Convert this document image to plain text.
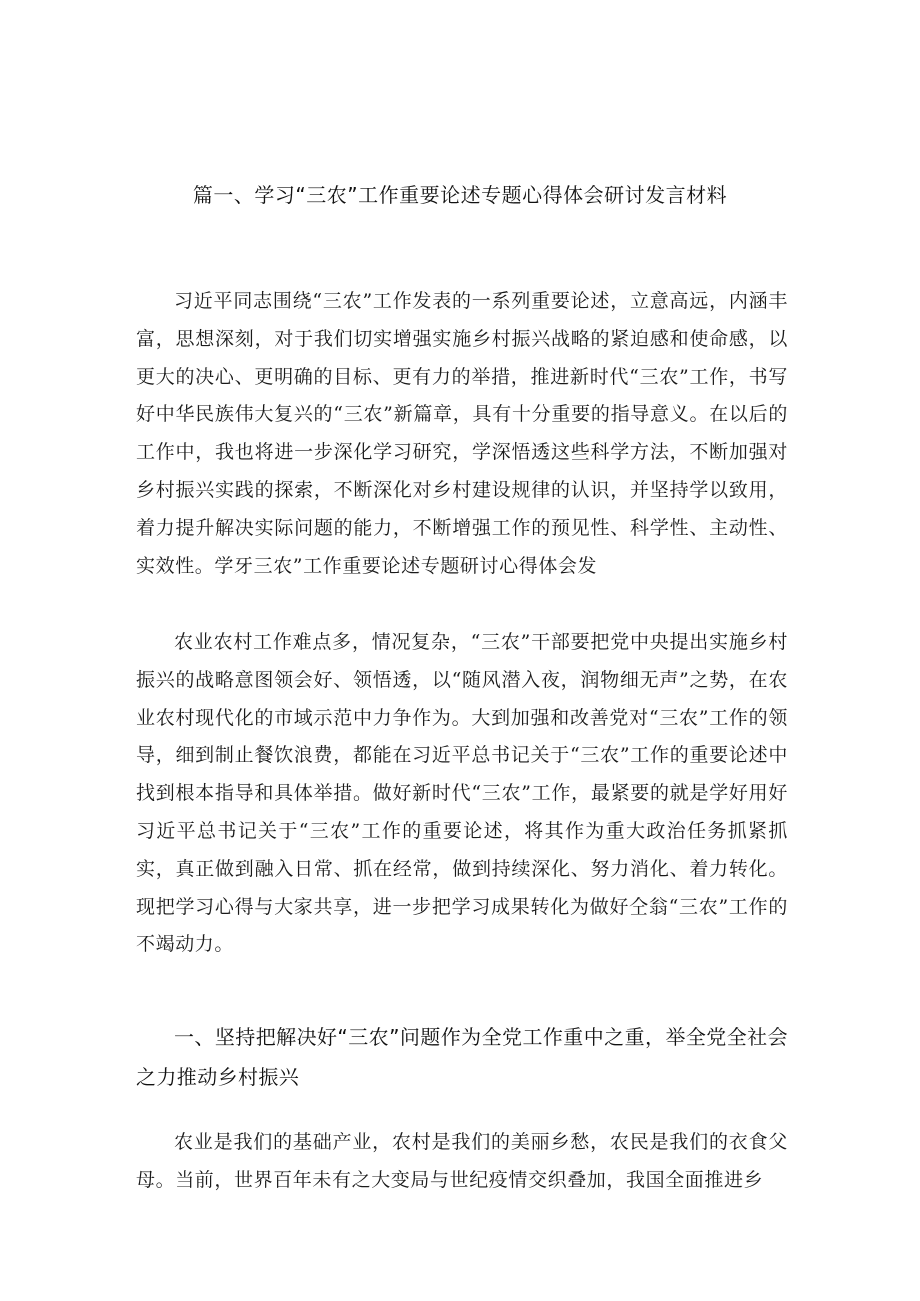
篇一、学习“三农”工作重要论述专题心得体会研讨发言材料

习近平同志围绕“三农”工作发表的一系列重要论述，立意高远，内涵丰富，思想深刻，对于我们切实增强实施乡村振兴战略的紧迫感和使命感，以更大的决心、更明确的目标、更有力的举措，推进新时代“三农”工作，书写好中华民族伟大复兴的“三农”新篇章，具有十分重要的指导意义。在以后的工作中，我也将进一步深化学习研究，学深悟透这些科学方法，不断加强对乡村振兴实践的探索，不断深化对乡村建设规律的认识，并坚持学以致用，着力提升解决实际问题的能力，不断增强工作的预见性、科学性、主动性、实效性。学牙三农”工作重要论述专题研讨心得体会发

农业农村工作难点多，情况复杂，“三农”干部要把党中央提出实施乡村振兴的战略意图领会好、领悟透，以“随风潜入夜，润物细无声”之势，在农业农村现代化的市域示范中力争作为。大到加强和改善党对“三农”工作的领导，细到制止餐饮浪费，都能在习近平总书记关于“三农”工作的重要论述中找到根本指导和具体举措。做好新时代“三农”工作，最紧要的就是学好用好习近平总书记关于“三农”工作的重要论述，将其作为重大政治任务抓紧抓实，真正做到融入日常、抓在经常，做到持续深化、努力消化、着力转化。现把学习心得与大家共享，进一步把学习成果转化为做好仝翁“三农”工作的不竭动力。

一、坚持把解决好“三农”问题作为全党工作重中之重，举全党全社会之力推动乡村振兴

农业是我们的基础产业，农村是我们的美丽乡愁，农民是我们的衣食父母。当前，世界百年未有之大变局与世纪疫情交织叠加，我国全面推进乡
